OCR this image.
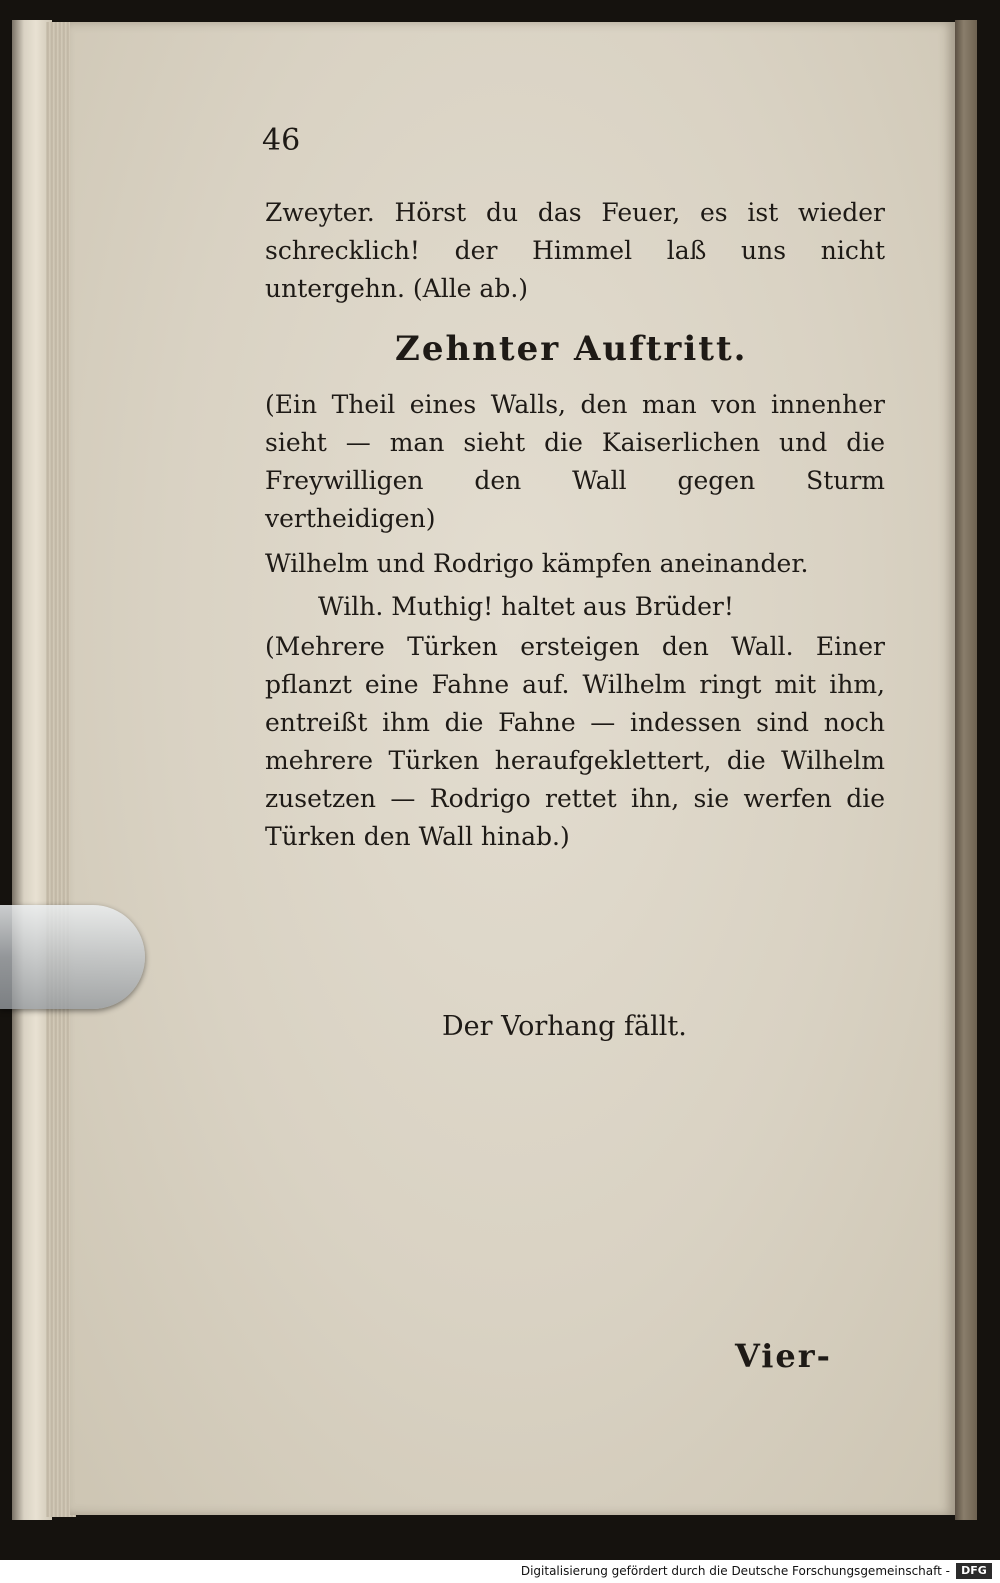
46
Zweyter. Hörst du das Feuer, es ist wieder schrecklich! der Himmel laß uns nicht untergehn. (Alle ab.)
Zehnter Auftritt.
(Ein Theil eines Walls, den man von innenher sieht — man sieht die Kaiserlichen und die Freywilligen den Wall gegen Sturm vertheidigen)
Wilhelm und Rodrigo kämpfen aneinander.
Wilh. Muthig! haltet aus Brüder!
(Mehrere Türken ersteigen den Wall. Einer pflanzt eine Fahne auf. Wilhelm ringt mit ihm, entreißt ihm die Fahne — indessen sind noch mehrere Türken heraufgeklettert, die Wilhelm zusetzen — Rodrigo rettet ihn, sie werfen die Türken den Wall hinab.)
Der Vorhang fällt.
Vier-
Digitalisierung gefördert durch die Deutsche Forschungsgemeinschaft -	DFG
